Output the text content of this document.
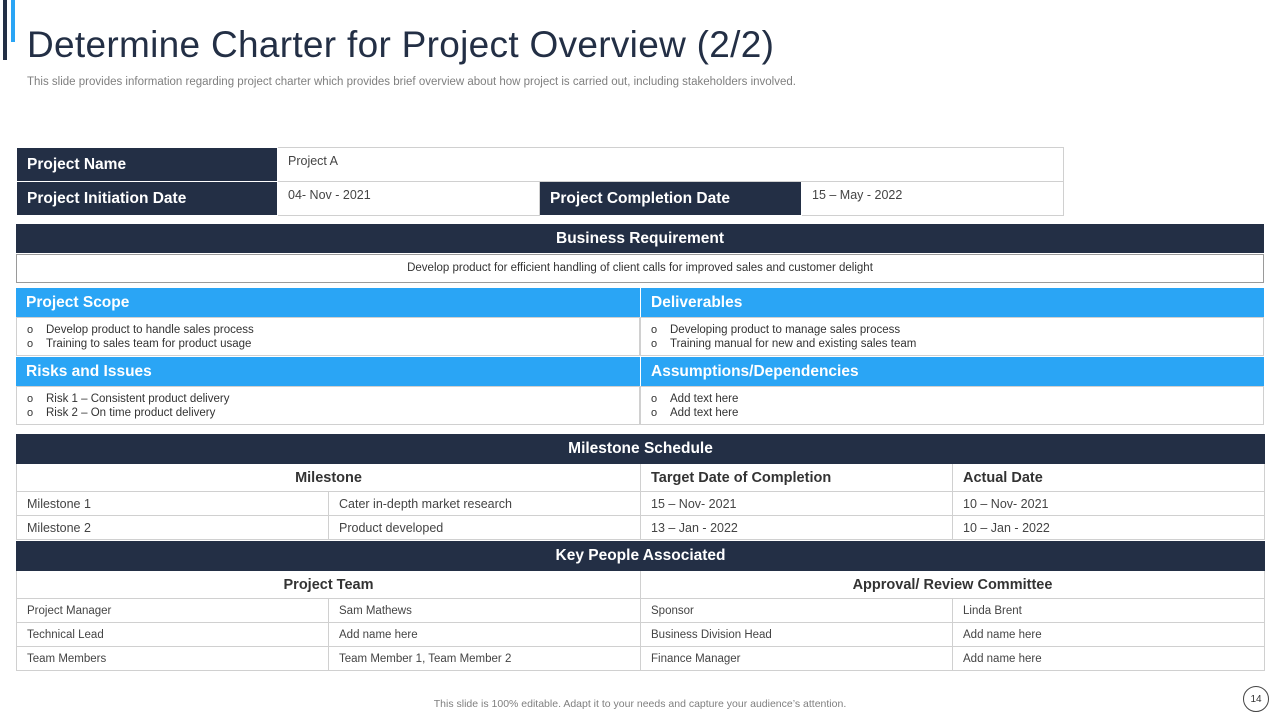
Determine Charter for Project Overview (2/2)
This slide provides information regarding project charter which provides brief overview about how project is carried out, including stakeholders involved.
Project Name	Project A		
Project Initiation Date	04- Nov - 2021	Project Completion Date	15 – May - 2022
Business Requirement
Develop product for efficient handling of client calls for improved sales and customer delight
Project Scope	Deliverables
o Develop product to handle sales process
o Training to sales team for product usage
o Developing product to manage sales process
o Training manual for new and existing sales team
Risks and Issues	Assumptions/Dependencies
o Risk 1 – Consistent product delivery
o Risk 2 – On time product delivery
o Add text here
o Add text here
Milestone Schedule			
Milestone		Target Date of Completion	Actual Date
Milestone 1	Cater in-depth market research	15 – Nov- 2021	10 – Nov- 2021
Milestone 2	Product developed	13 – Jan - 2022	10 – Jan - 2022
Key People Associated			
Project Team		Approval/ Review Committee	
Project Manager	Sam Mathews	Sponsor	Linda Brent
Technical Lead	Add name here	Business Division Head	Add name here
Team Members	Team Member 1, Team Member 2	Finance Manager	Add name here
This slide is 100% editable. Adapt it to your needs and capture your audience’s attention.	14
